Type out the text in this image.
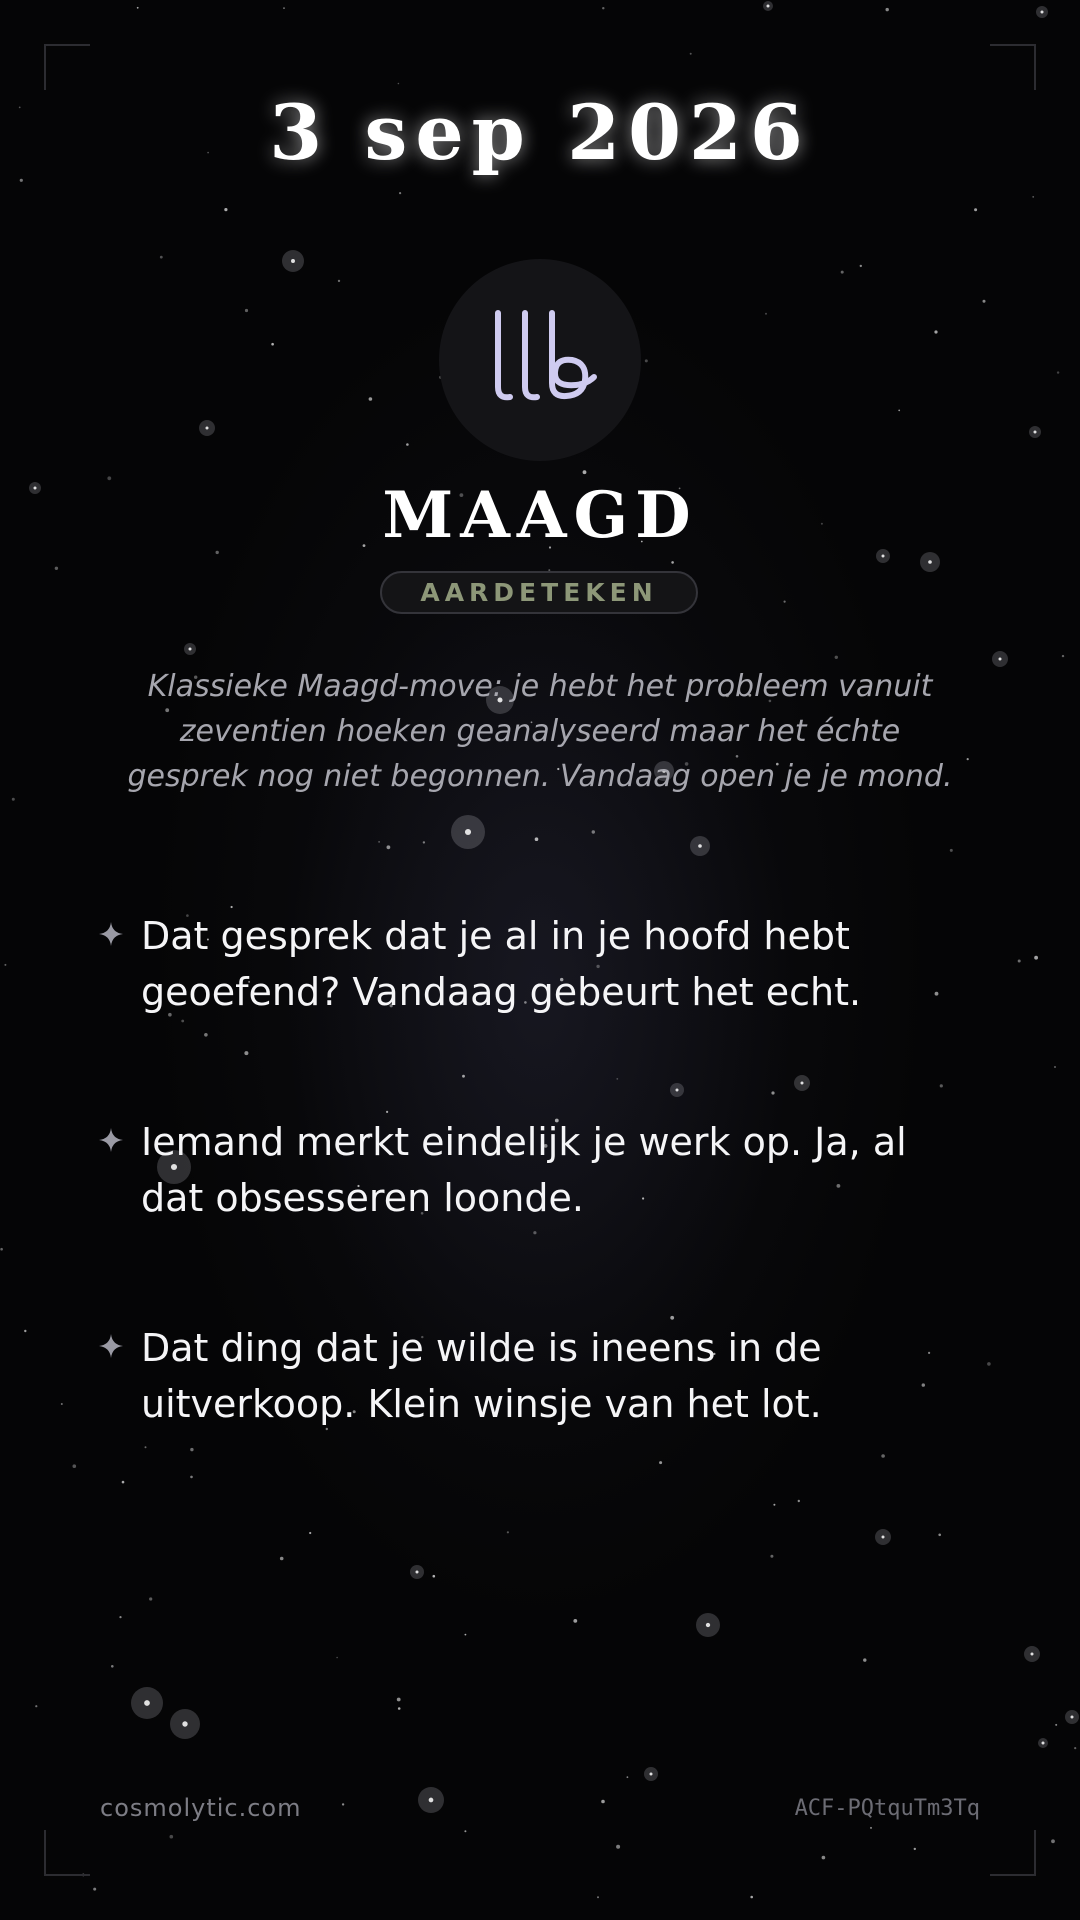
3 sep 2026
MAAGD
AARDETEKEN
Klassieke Maagd-move: je hebt het probleem vanuit zeventien hoeken geanalyseerd maar het échte gesprek nog niet begonnen. Vandaag open je je mond.
Dat gesprek dat je al in je hoofd hebt geoefend? Vandaag gebeurt het echt.
Iemand merkt eindelijk je werk op. Ja, al dat obsesseren loonde.
Dat ding dat je wilde is ineens in de uitverkoop. Klein winsje van het lot.
cosmolytic.com	ACF-PQtquTm3Tq
